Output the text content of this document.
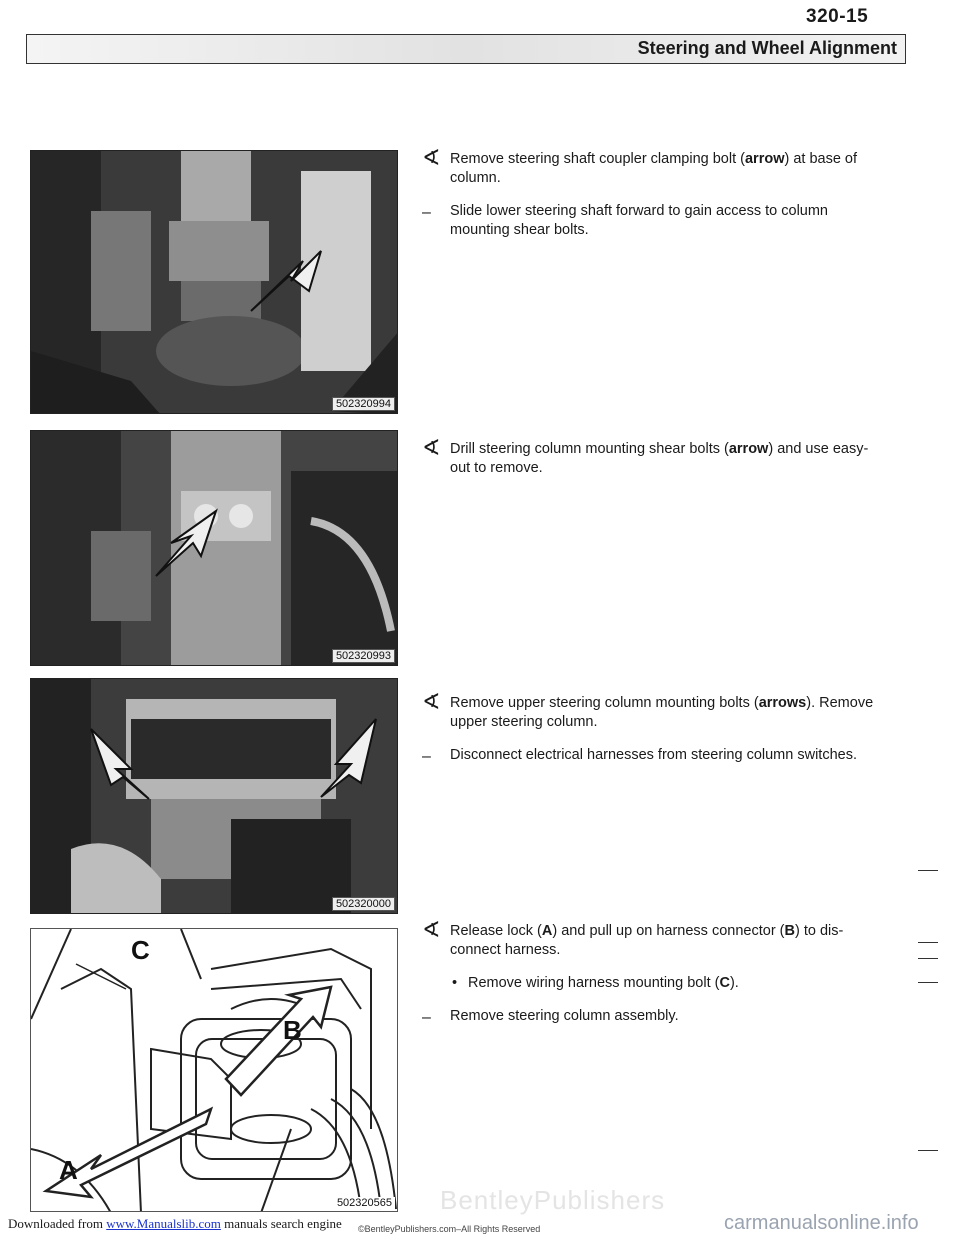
320-15
Steering and Wheel Alignment
502320994
502320993
502320000
C
B
A
502320565
∢ Remove steering shaft coupler clamping bolt (arrow) at base of column.
– Slide lower steering shaft forward to gain access to column mounting shear bolts.
∢ Drill steering column mounting shear bolts (arrow) and use easy-out to remove.
∢ Remove upper steering column mounting bolts (arrows). Remove upper steering column.
– Disconnect electrical harnesses from steering column switches.
∢ Release lock (A) and pull up on harness connector (B) to dis- connect harness.
• Remove wiring harness mounting bolt (C).
– Remove steering column assembly.
BentleyPublishers
Downloaded from www.Manualslib.com manuals search engine ©BentleyPublishers.com–All Rights Reserved	carmanualsonline.info
